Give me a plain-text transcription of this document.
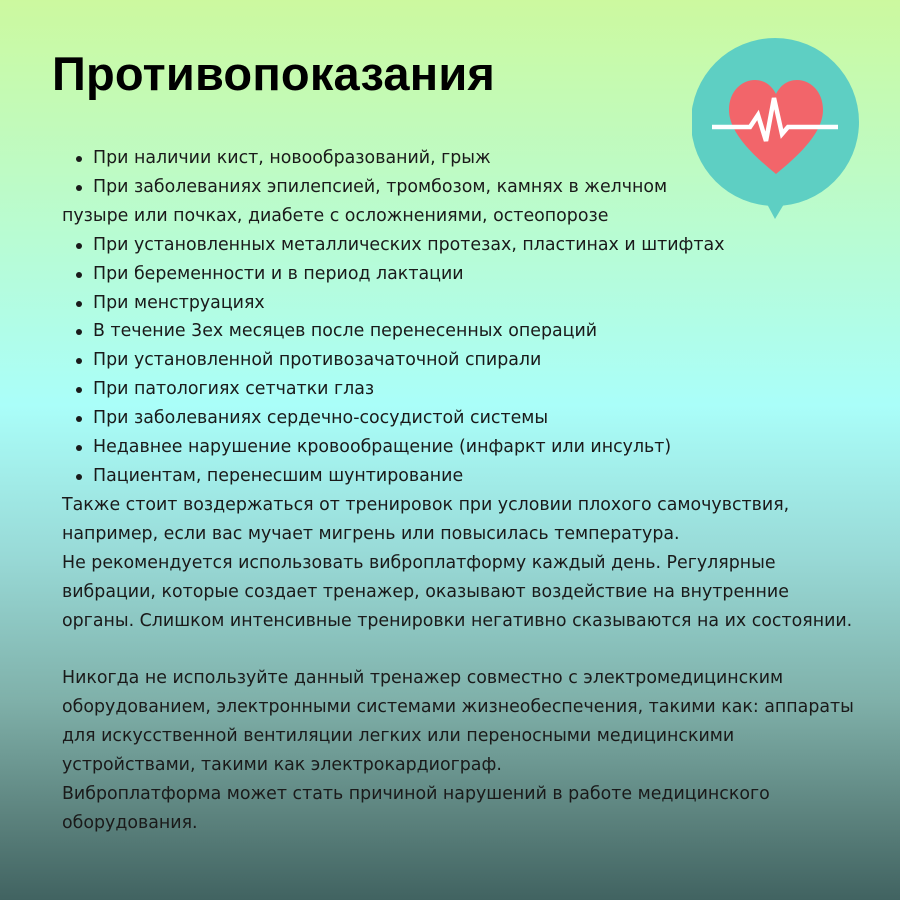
Противопоказания
При наличии кист, новообразований, грыж
При заболеваниях эпилепсией, тромбозом, камнях в желчном
пузыре или почках, диабете с осложнениями, остеопорозе
При установленных металлических протезах, пластинах и штифтах
При беременности и в период лактации
При менструациях
В течение 3ех месяцев после перенесенных операций
При установленной противозачаточной спирали
При патологиях сетчатки глаз
При заболеваниях сердечно-сосудистой системы
Недавнее нарушение кровообращение (инфаркт или инсульт)
Пациентам, перенесшим шунтирование

Также стоит воздержаться от тренировок при условии плохого самочувствия,
например, если вас мучает мигрень или повысилась температура.

Не рекомендуется использовать виброплатформу каждый день. Регулярные
вибрации, которые создает тренажер, оказывают воздействие на внутренние
органы. Слишком интенсивные тренировки негативно сказываются на их состоянии.

Никогда не используйте данный тренажер совместно с электромедицинским
оборудованием, электронными системами жизнеобеспечения, такими как: аппараты
для искусственной вентиляции легких или переносными медицинскими
устройствами, такими как электрокардиограф.

Виброплатформа может стать причиной нарушений в работе медицинского
оборудования.
